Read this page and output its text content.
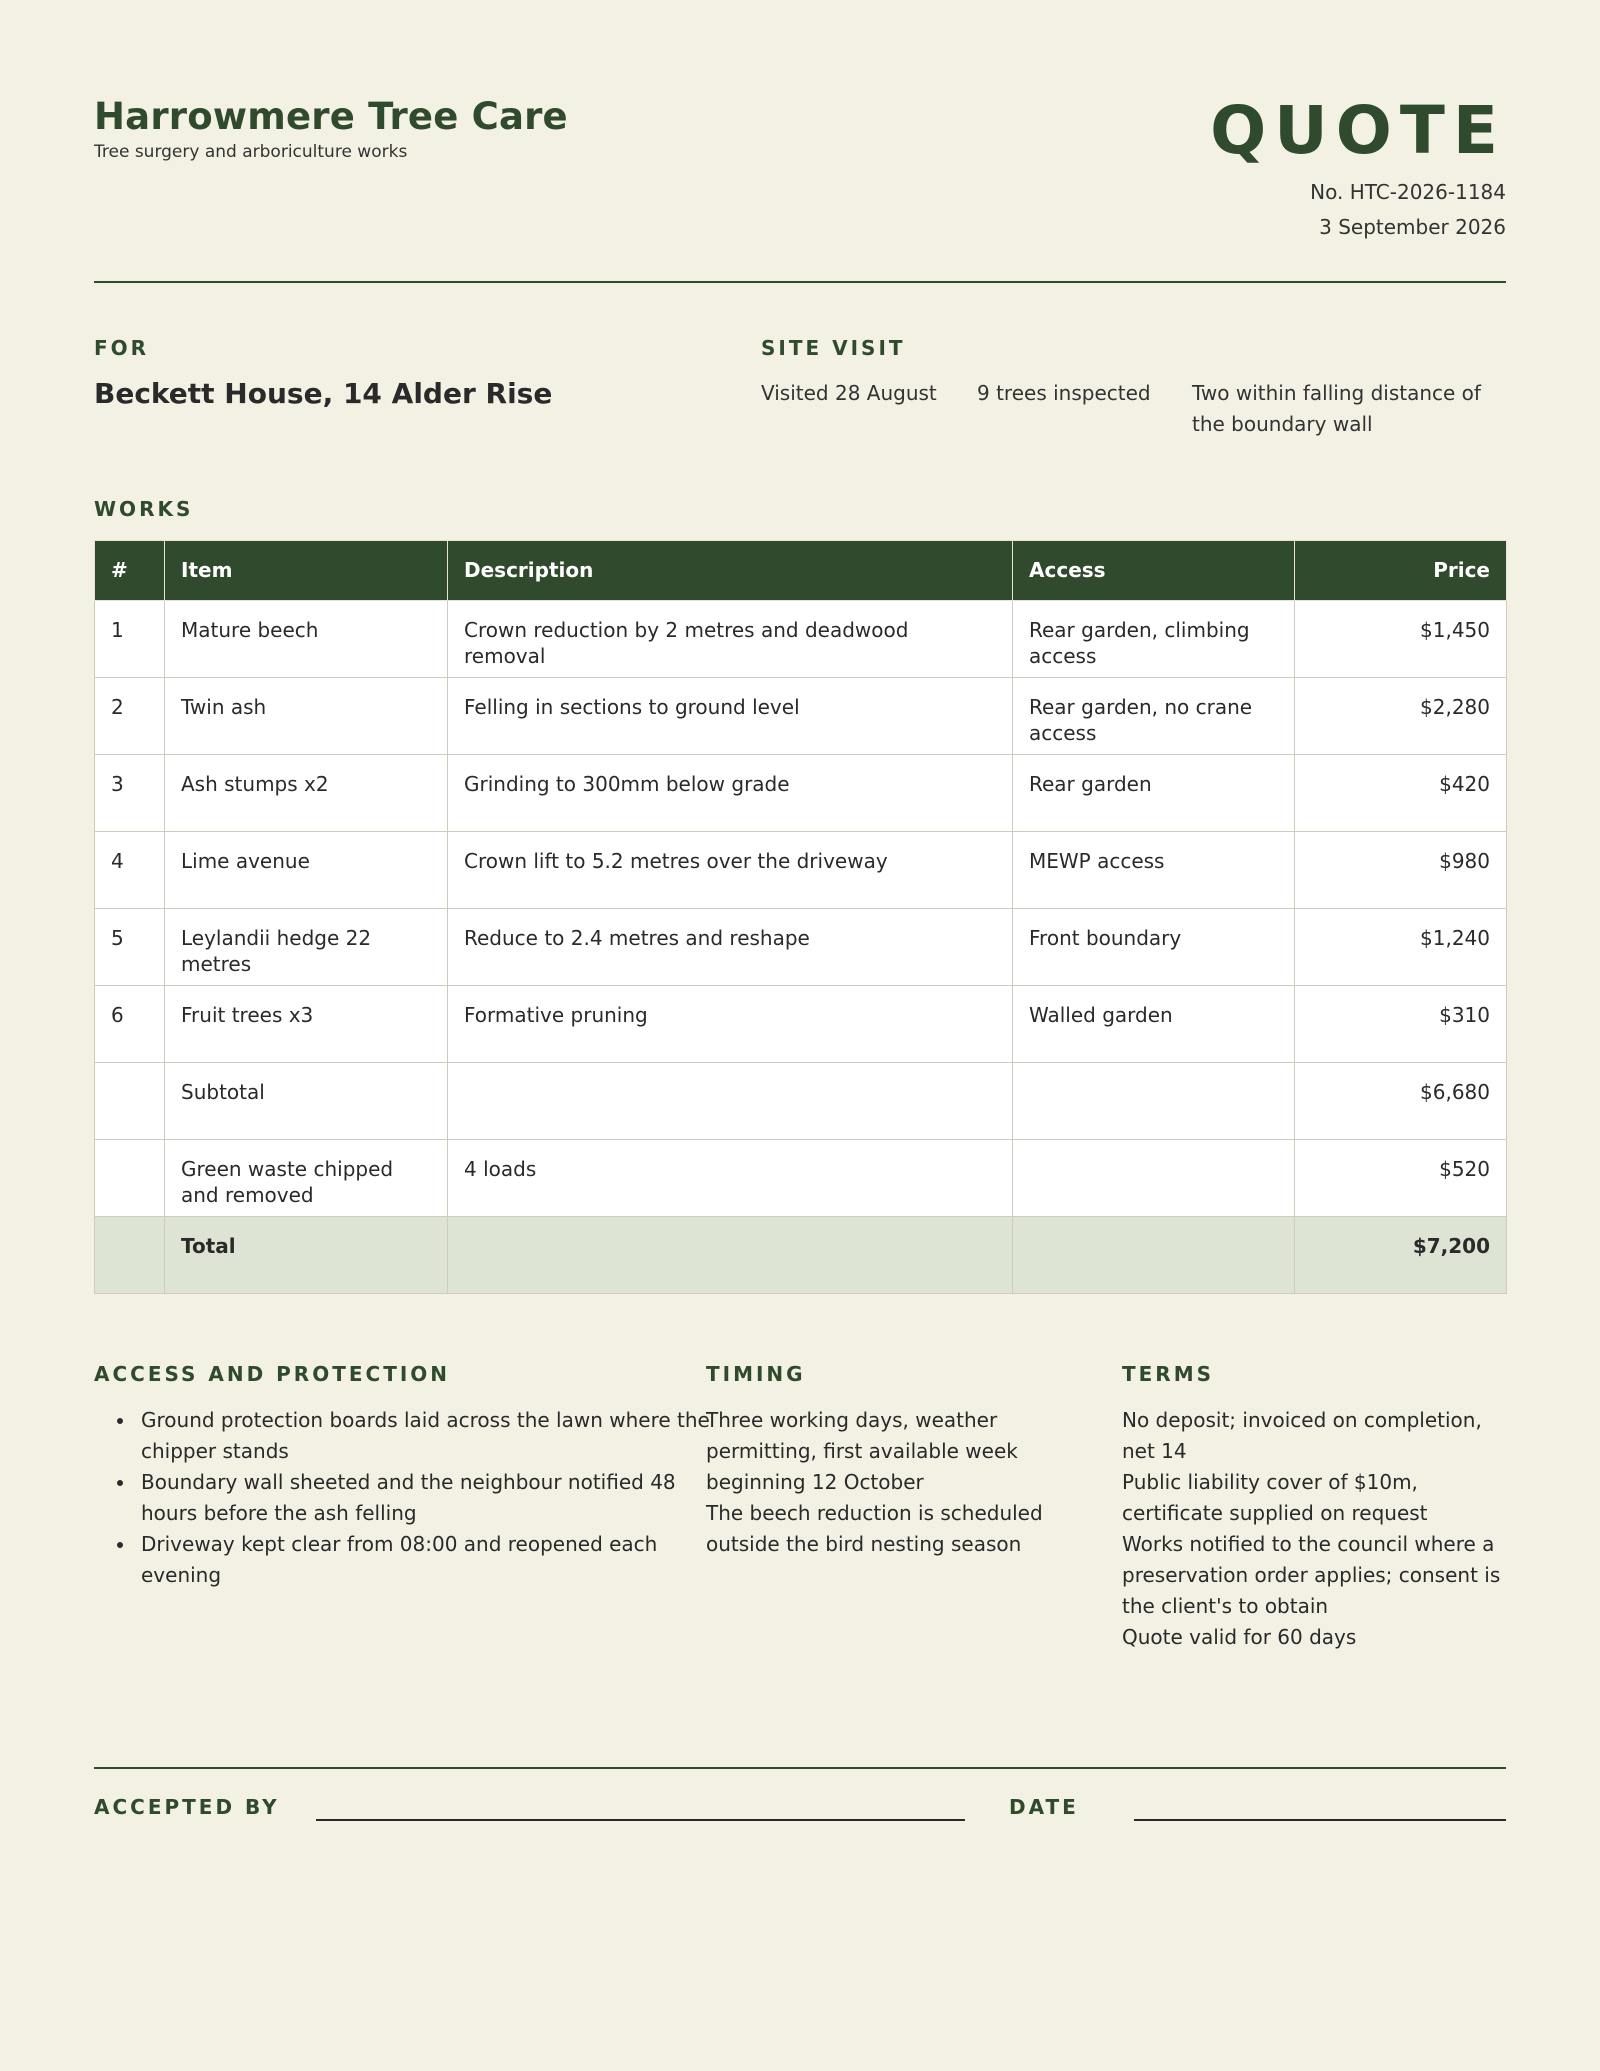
Harrowmere Tree Care
Tree surgery and arboriculture works	QUOTE
No. HTC-2026-1184
3 September 2026
FOR
Beckett House, 14 Alder Rise
SITE VISIT
Visited 28 August 9 trees inspected Two within falling distance of the boundary wall
WORKS
#	Item	Description	Access	Price
1	Mature beech	Crown reduction by 2 metres and deadwood removal	Rear garden, climbing access	$1,450
2	Twin ash	Felling in sections to ground level	Rear garden, no crane access	$2,280
3	Ash stumps x2	Grinding to 300mm below grade	Rear garden	$420
4	Lime avenue	Crown lift to 5.2 metres over the driveway	MEWP access	$980
5	Leylandii hedge 22 metres	Reduce to 2.4 metres and reshape	Front boundary	$1,240
6	Fruit trees x3	Formative pruning	Walled garden	$310
	Subtotal			$6,680
	Green waste chipped and removed	4 loads		$520
	Total			$7,200
ACCESS AND PROTECTION
Ground protection boards laid across the lawn where the chipper stands
Boundary wall sheeted and the neighbour notified 48 hours before the ash felling
Driveway kept clear from 08:00 and reopened each evening
TIMING
Three working days, weather permitting, first available week beginning 12 October
The beech reduction is scheduled outside the bird nesting season
TERMS
No deposit; invoiced on completion, net 14
Public liability cover of $10m, certificate supplied on request
Works notified to the council where a preservation order applies; consent is the client's to obtain
Quote valid for 60 days
ACCEPTED BY	DATE
